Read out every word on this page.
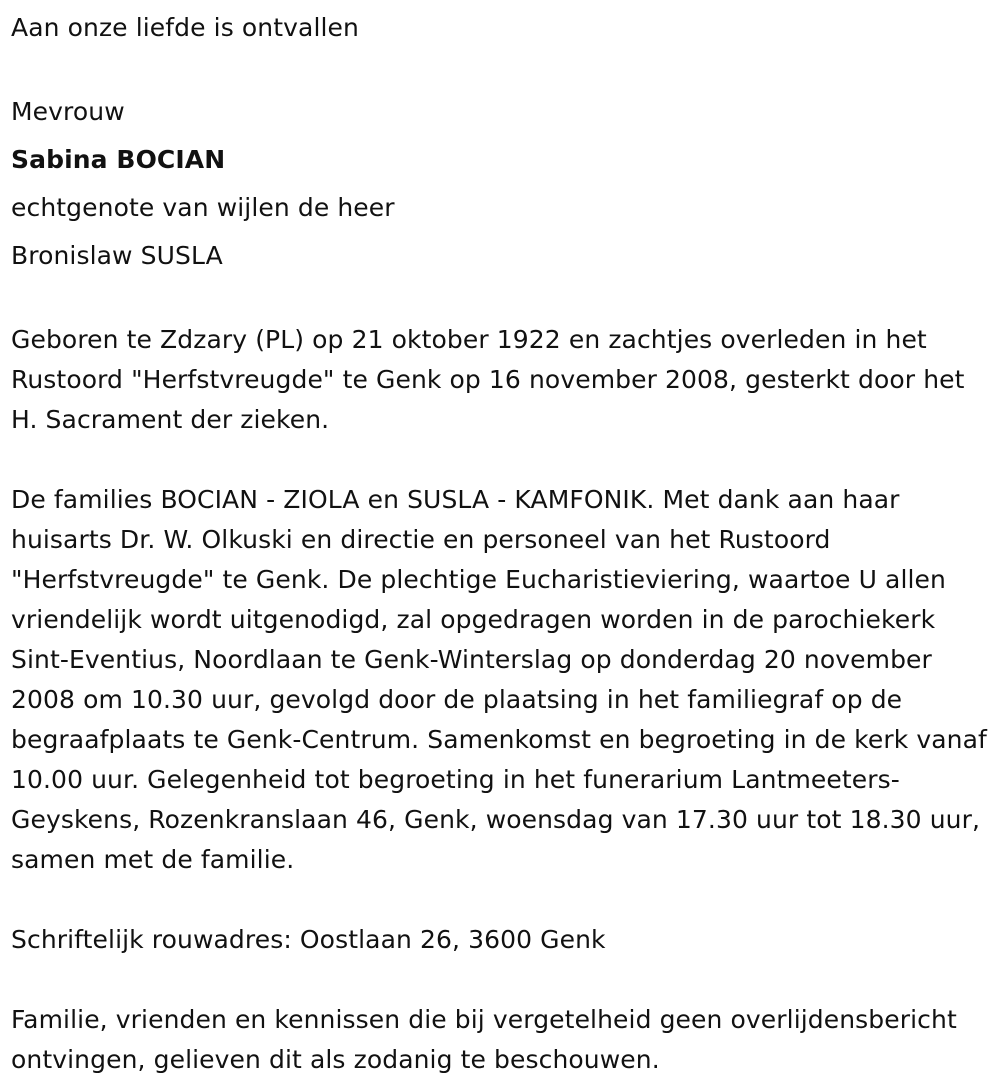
Aan onze liefde is ontvallen

Mevrouw

Sabina BOCIAN

echtgenote van wijlen de heer

Bronislaw SUSLA

Geboren te Zdzary (PL) op 21 oktober 1922 en zachtjes overleden in het Rustoord "Herfstvreugde" te Genk op 16 november 2008, gesterkt door het H. Sacrament der zieken.

De families BOCIAN - ZIOLA en SUSLA - KAMFONIK. Met dank aan haar huisarts Dr. W. Olkuski en directie en personeel van het Rustoord "Herfstvreugde" te Genk. De plechtige Eucharistieviering, waartoe U allen vriendelijk wordt uitgenodigd, zal opgedragen worden in de parochiekerk Sint-Eventius, Noordlaan te Genk-Winterslag op donderdag 20 november 2008 om 10.30 uur, gevolgd door de plaatsing in het familiegraf op de begraafplaats te Genk-Centrum. Samenkomst en begroeting in de kerk vanaf 10.00 uur. Gelegenheid tot begroeting in het funerarium Lantmeeters-Geyskens, Rozenkranslaan 46, Genk, woensdag van 17.30 uur tot 18.30 uur, samen met de familie.

Schriftelijk rouwadres: Oostlaan 26, 3600 Genk

Familie, vrienden en kennissen die bij vergetelheid geen overlijdensbericht ontvingen, gelieven dit als zodanig te beschouwen.
